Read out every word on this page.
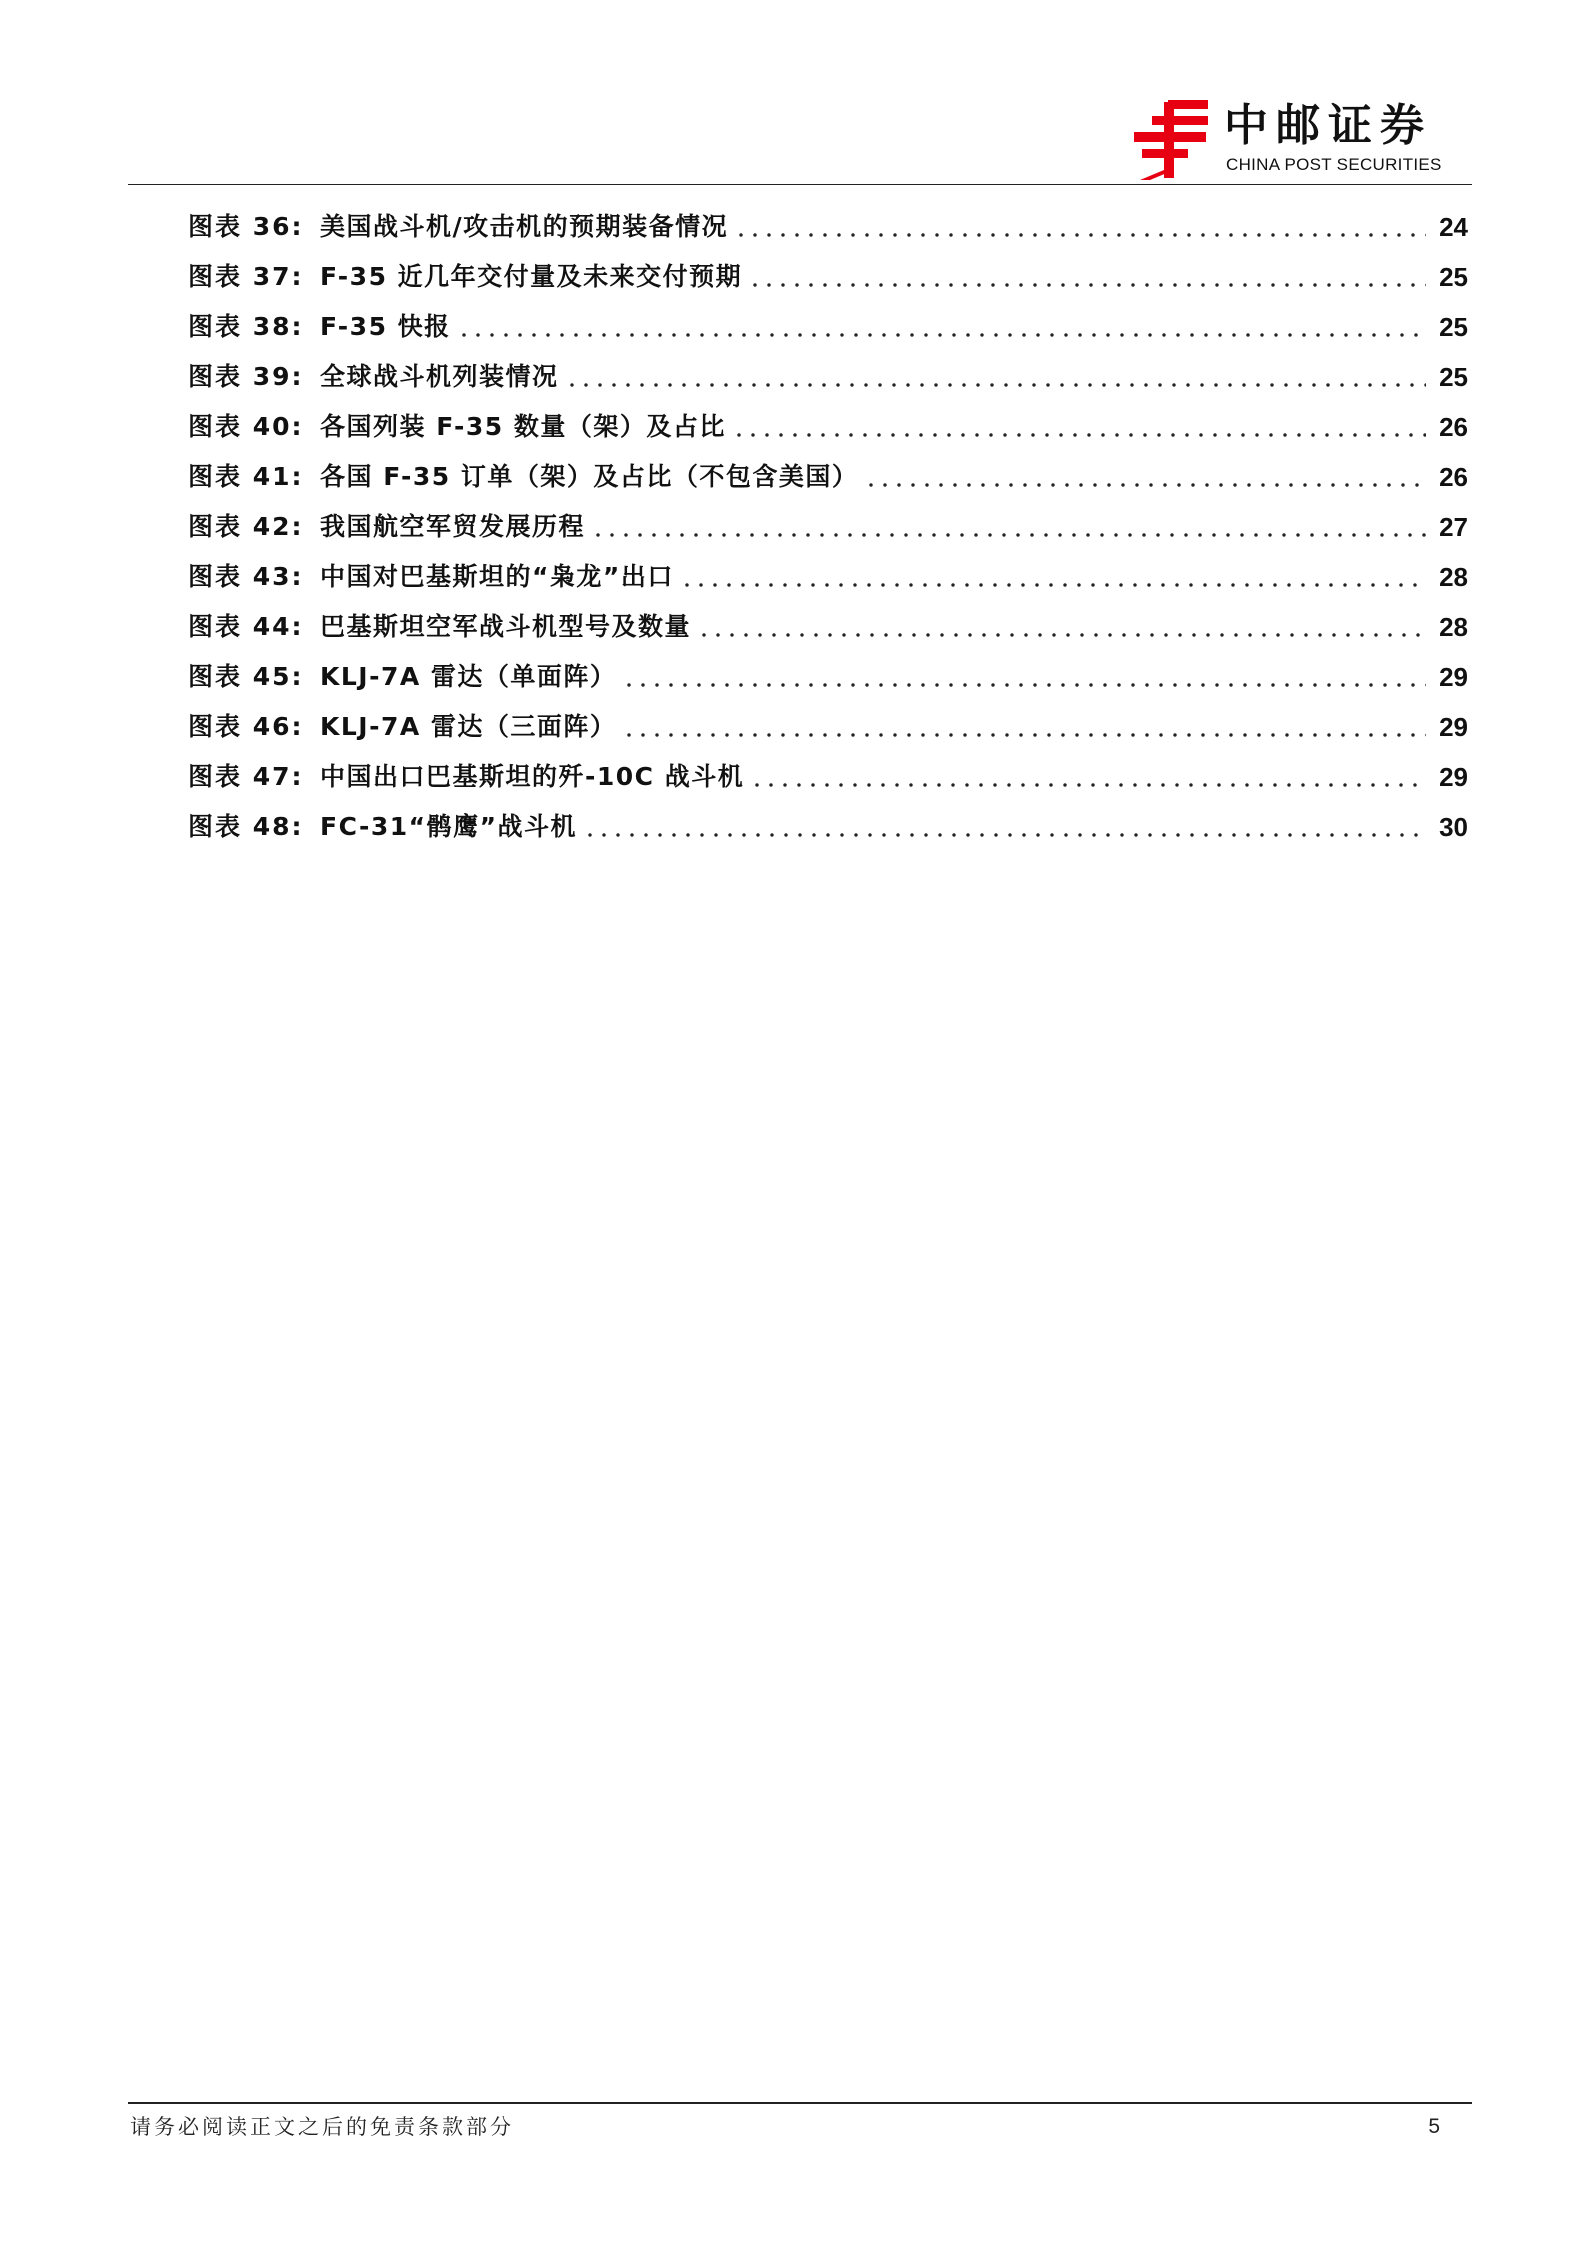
中邮证券
CHINA POST SECURITIES
图表 36: 美国战斗机/攻击机的预期装备情况	24
图表 37: F-35 近几年交付量及未来交付预期	25
图表 38: F-35 快报	25
图表 39: 全球战斗机列装情况	25
图表 40: 各国列装 F-35 数量（架）及占比	26
图表 41: 各国 F-35 订单（架）及占比（不包含美国）	26
图表 42: 我国航空军贸发展历程	27
图表 43: 中国对巴基斯坦的“枭龙”出口	28
图表 44: 巴基斯坦空军战斗机型号及数量	28
图表 45: KLJ-7A 雷达（单面阵）	29
图表 46: KLJ-7A 雷达（三面阵）	29
图表 47: 中国出口巴基斯坦的歼-10C 战斗机	29
图表 48: FC-31“鹘鹰”战斗机	30
请务必阅读正文之后的免责条款部分	5
